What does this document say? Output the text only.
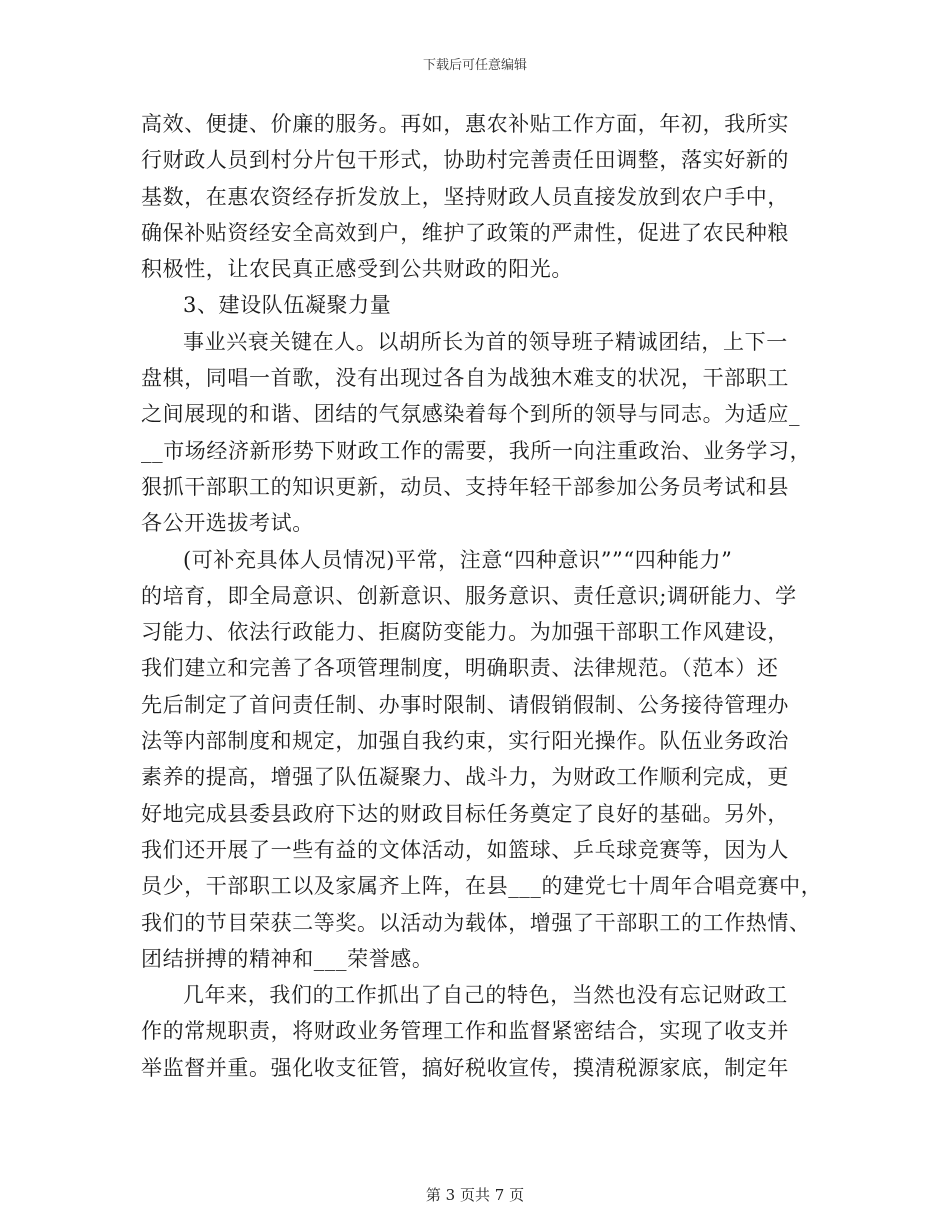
下载后可任意编辑
高效、便捷、价廉的服务。再如，惠农补贴工作方面，年初，我所实
行财政人员到村分片包干形式，协助村完善责任田调整，落实好新的
基数，在惠农资经存折发放上，坚持财政人员直接发放到农户手中，
确保补贴资经安全高效到户，维护了政策的严肃性，促进了农民种粮
积极性，让农民真正感受到公共财政的阳光。
3、建设队伍凝聚力量
事业兴衰关键在人。以胡所长为首的领导班子精诚团结，上下一
盘棋，同唱一首歌，没有出现过各自为战独木难支的状况，干部职工
之间展现的和谐、团结的气氛感染着每个到所的领导与同志。为适应_
__市场经济新形势下财政工作的需要，我所一向注重政治、业务学习，
狠抓干部职工的知识更新，动员、支持年轻干部参加公务员考试和县
各公开选拔考试。
(可补充具体人员情况)平常，注意“四种意识””“四种能力”
的培育，即全局意识、创新意识、服务意识、责任意识;调研能力、学
习能力、依法行政能力、拒腐防变能力。为加强干部职工作风建设，
我们建立和完善了各项管理制度，明确职责、法律规范。（范本）还
先后制定了首问责任制、办事时限制、请假销假制、公务接待管理办
法等内部制度和规定，加强自我约束，实行阳光操作。队伍业务政治
素养的提高，增强了队伍凝聚力、战斗力，为财政工作顺利完成，更
好地完成县委县政府下达的财政目标任务奠定了良好的基础。另外，
我们还开展了一些有益的文体活动，如篮球、乒乓球竞赛等，因为人
员少，干部职工以及家属齐上阵，在县___的建党七十周年合唱竞赛中，
我们的节目荣获二等奖。以活动为载体，增强了干部职工的工作热情、
团结拼搏的精神和___荣誉感。
几年来，我们的工作抓出了自己的特色，当然也没有忘记财政工
作的常规职责，将财政业务管理工作和监督紧密结合，实现了收支并
举监督并重。强化收支征管，搞好税收宣传，摸清税源家底，制定年
第 3 页共 7 页
